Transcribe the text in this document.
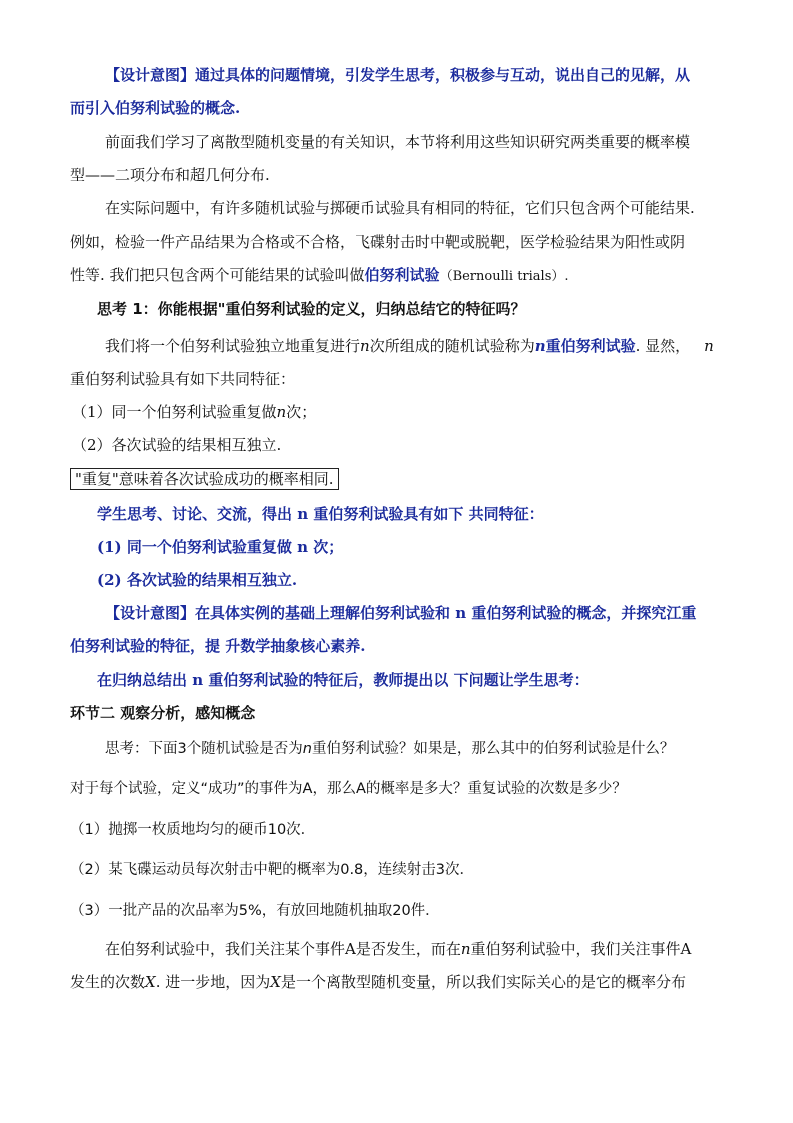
【设计意图】通过具体的问题情境，引发学生思考，积极参与互动，说出自己的见解，从
而引入伯努利试验的概念.
前面我们学习了离散型随机变量的有关知识，本节将利用这些知识研究两类重要的概率模
型——二项分布和超几何分布.
在实际问题中，有许多随机试验与掷硬币试验具有相同的特征，它们只包含两个可能结果.
例如，检验一件产品结果为合格或不合格，飞碟射击时中靶或脱靶，医学检验结果为阳性或阴
性等. 我们把只包含两个可能结果的试验叫做伯努利试验（Bernoulli trials）.
思考 1：你能根据"重伯努利试验的定义，归纳总结它的特征吗？
我们将一个伯努利试验独立地重复进行n次所组成的随机试验称为n重伯努利试验. 显然， n
重伯努利试验具有如下共同特征：
（1）同一个伯努利试验重复做n次；
（2）各次试验的结果相互独立.
"重复"意味着各次试验成功的概率相同.
学生思考、讨论、交流，得出 n 重伯努利试验具有如下 共同特征：
(1) 同一个伯努利试验重复做 n 次；
(2) 各次试验的结果相互独立.
【设计意图】在具体实例的基础上理解伯努利试验和 n 重伯努利试验的概念，并探究江重
伯努利试验的特征，提 升数学抽象核心素养.
在归纳总结出 n 重伯努利试验的特征后，教师提出以 下问题让学生思考：
环节二 观察分析，感知概念
思考：下面3个随机试验是否为n重伯努利试验？如果是，那么其中的伯努利试验是什么？
对于每个试验，定义“成功”的事件为A，那么A的概率是多大？重复试验的次数是多少？
（1）抛掷一枚质地均匀的硬币10次．
（2）某飞碟运动员每次射击中靶的概率为0.8，连续射击3次．
（3）一批产品的次品率为5%，有放回地随机抽取20件．
在伯努利试验中，我们关注某个事件A是否发生，而在n重伯努利试验中，我们关注事件A
发生的次数X. 进一步地，因为X是一个离散型随机变量，所以我们实际关心的是它的概率分布
